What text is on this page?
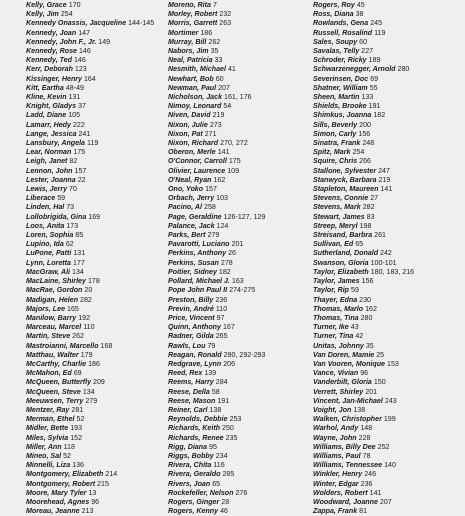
Kelly, Grace 170
Kelly, Jim 254
Kennedy Onassis, Jacqueline 144-145
Kennedy, Joan 147
Kennedy, John F., Jr. 149
Kennedy, Rose 146
Kennedy, Ted 146
Kerr, Deborah 123
Kissinger, Henry 164
Kitt, Eartha 48-49
Kline, Kevin 131
Knight, Gladys 37
Ladd, Diane 105
Lamarr, Hedy 222
Lange, Jessica 241
Lansbury, Angela 119
Lear, Norman 175
Leigh, Janet 82
Lennon, John 157
Lester, Joanna 22
Lewis, Jerry 70
Liberace 59
Linden, Hal 73
Lollobrigida, Gina 169
Loos, Anita 173
Loren, Sophia 85
Lupino, Ida 62
LuPone, Patti 131
Lynn, Loretta 177
MacGraw, Ali 134
MacLaine, Shirley 178
MacRae, Gordon 20
Madigan, Helen 282
Majors, Lee 165
Manilow, Barry 192
Marceau, Marcel 110
Martin, Steve 262
Mastroianni, Marcello 168
Matthau, Walter 179
McCarthy, Charlie 186
McMahon, Ed 69
McQueen, Butterfly 209
McQueen, Steve 134
Meeuwsen, Terry 279
Mentzer, Ray 281
Merman, Ethel 52
Midler, Bette 193
Miles, Sylvia 152
Miller, Ann 118
Mineo, Sal 52
Minnelli, Liza 136
Montgomery, Elizabeth 214
Montgomery, Robert 215
Moore, Mary Tyler 13
Moorehead, Agnes 96
Moreau, Jeanne 213
Moreno, Rita 7
Morley, Robert 232
Morris, Garrett 263
Mortimer 186
Murray, Bill 262
Nabors, Jim 35
Neal, Patricia 33
Nesmith, Michael 41
Newhart, Bob 60
Newman, Paul 207
Nicholson, Jack 161, 176
Nimoy, Leonard 54
Niven, David 219
Nixon, Julie 273
Nixon, Pat 271
Nixon, Richard 270, 272
Oberon, Merle 141
O'Connor, Carroll 175
Olivier, Laurence 109
O'Neal, Ryan 162
Ono, Yoko 157
Orbach, Jerry 103
Pacino, Al 258
Page, Geraldine 126-127, 129
Palance, Jack 124
Parks, Bert 279
Pavarotti, Luciano 201
Perkins, Anthony 26
Perkins, Susan 278
Poitier, Sidney 182
Pollard, Michael J. 163
Pope John Paul II 274-275
Preston, Billy 236
Previn, André 110
Price, Vincent 97
Quinn, Anthony 167
Radner, Gilda 265
Rawls, Lou 79
Reagan, Ronald 290, 292-293
Redgrave, Lynn 206
Reed, Rex 139
Reems, Harry 284
Reese, Della 58
Reese, Mason 191
Reiner, Carl 138
Reynolds, Debbie 253
Richards, Keith 250
Richards, Renee 235
Rigg, Diana 95
Riggs, Bobby 234
Rivera, Chita 116
Rivera, Geraldo 285
Rivers, Joan 65
Rockefeller, Nelson 276
Rogers, Ginger 28
Rogers, Kenny 46
Rogers, Roy 45
Ross, Diana 38
Rowlands, Gena 245
Russell, Rosalind 119
Sales, Soupy 60
Savalas, Telly 227
Schroder, Ricky 189
Schwarzenegger, Arnold 280
Severinsen, Doc 69
Shatner, William 55
Sheen, Martin 133
Shields, Brooke 191
Shimkus, Joanna 182
Sills, Beverly 200
Simon, Carly 156
Sinatra, Frank 248
Spitz, Mark 254
Squire, Chris 266
Stallone, Sylvester 247
Stanwyck, Barbara 219
Stapleton, Maureen 141
Stevens, Connie 27
Stevens, Mark 282
Stewart, James 83
Streep, Meryl 198
Streisand, Barbra 261
Sullivan, Ed 65
Sutherland, Donald 242
Swanson, Gloria 100-101
Taylor, Elizabeth 180, 183, 216
Taylor, James 156
Taylor, Rip 59
Thayer, Edna 230
Thomas, Marlo 162
Thomas, Tina 280
Turner, Ike 43
Turner, Tina 42
Unitas, Johnny 35
Van Doren, Mamie 25
Van Vooren, Monique 153
Vance, Vivian 96
Vanderbilt, Gloria 150
Verrett, Shirley 201
Vincent, Jan-Michael 243
Voight, Jon 138
Walken, Christopher 199
Warhol, Andy 148
Wayne, John 228
Williams, Billy Dee 252
Williams, Paul 78
Williams, Tennessee 140
Winkler, Henry 246
Winter, Edgar 236
Wolders, Robert 141
Woodward, Joanne 207
Zappa, Frank 81
